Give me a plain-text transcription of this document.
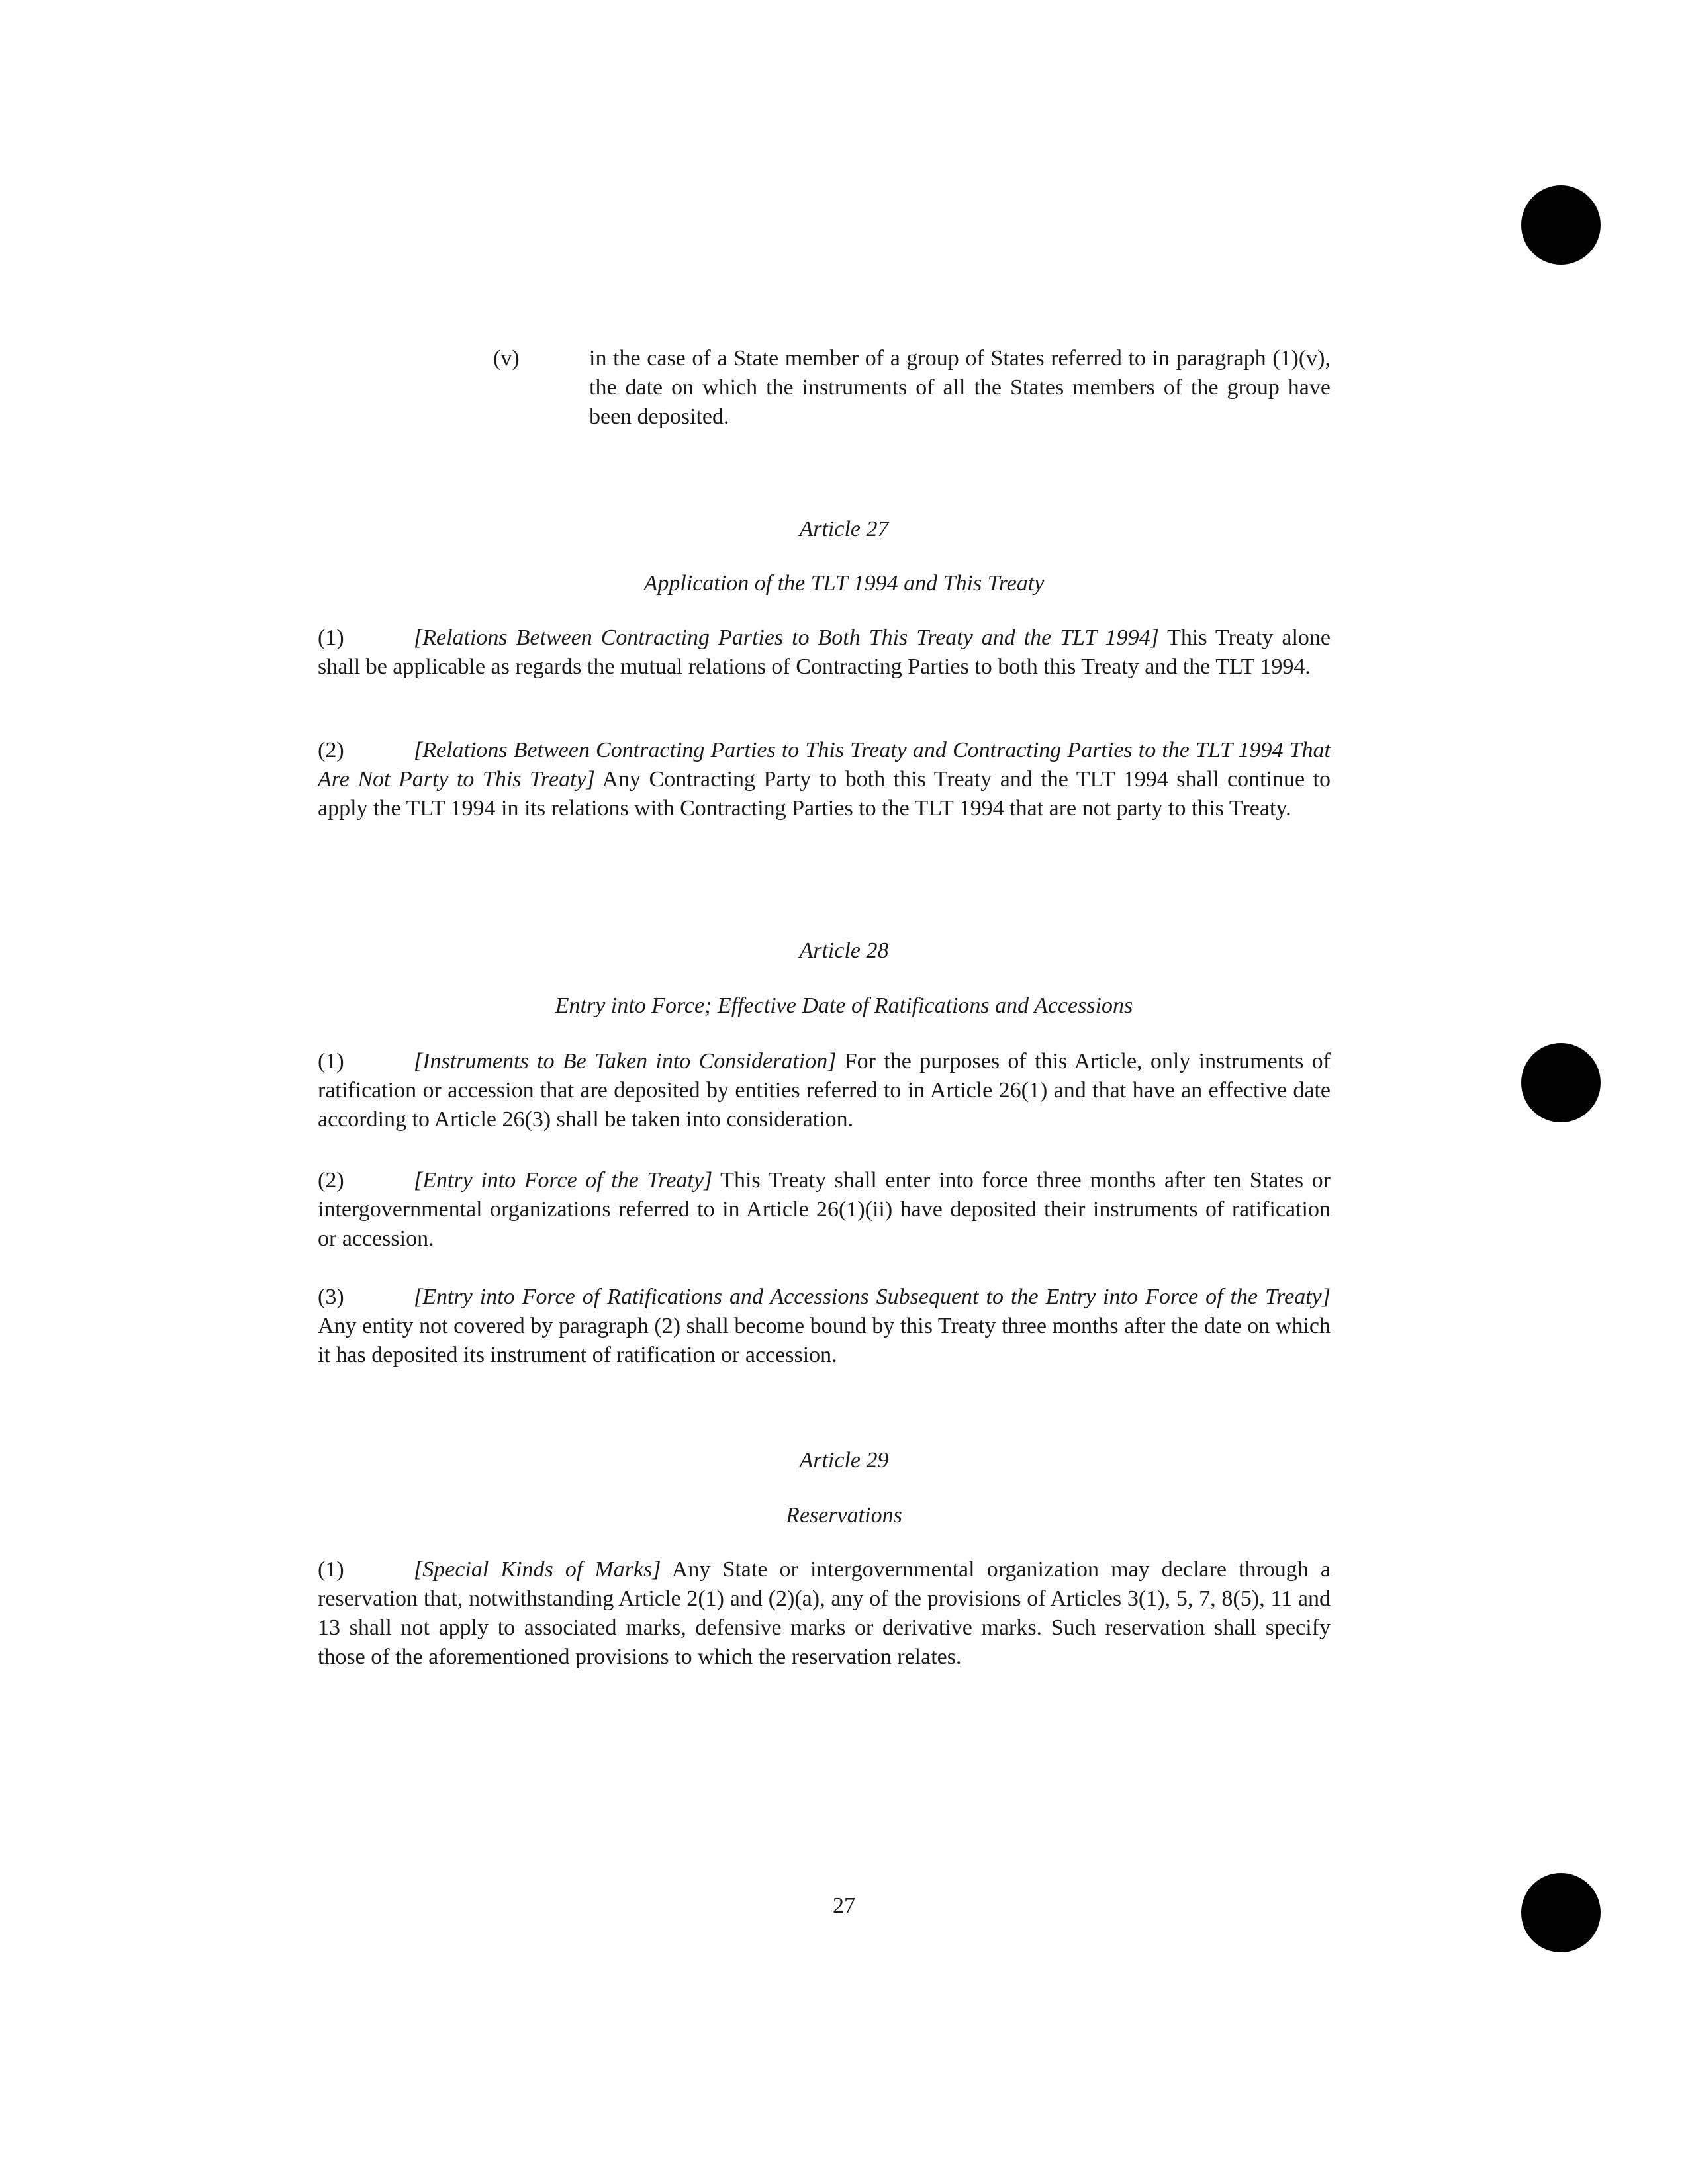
(v)	in the case of a State member of a group of States referred to in paragraph (1)(v), the date on which the instruments of all the States members of the group have been deposited.
Article 27
Application of the TLT 1994 and This Treaty
(1)	[Relations Between Contracting Parties to Both This Treaty and the TLT 1994] This Treaty alone shall be applicable as regards the mutual relations of Contracting Parties to both this Treaty and the TLT 1994.
(2)	[Relations Between Contracting Parties to This Treaty and Contracting Parties to the TLT 1994 That Are Not Party to This Treaty] Any Contracting Party to both this Treaty and the TLT 1994 shall continue to apply the TLT 1994 in its relations with Contracting Parties to the TLT 1994 that are not party to this Treaty.
Article 28
Entry into Force; Effective Date of Ratifications and Accessions
(1)	[Instruments to Be Taken into Consideration] For the purposes of this Article, only instruments of ratification or accession that are deposited by entities referred to in Article 26(1) and that have an effective date according to Article 26(3) shall be taken into consideration.
(2)	[Entry into Force of the Treaty] This Treaty shall enter into force three months after ten States or intergovernmental organizations referred to in Article 26(1)(ii) have deposited their instruments of ratification or accession.
(3)	[Entry into Force of Ratifications and Accessions Subsequent to the Entry into Force of the Treaty] Any entity not covered by paragraph (2) shall become bound by this Treaty three months after the date on which it has deposited its instrument of ratification or accession.
Article 29
Reservations
(1)	[Special Kinds of Marks] Any State or intergovernmental organization may declare through a reservation that, notwithstanding Article 2(1) and (2)(a), any of the provisions of Articles 3(1), 5, 7, 8(5), 11 and 13 shall not apply to associated marks, defensive marks or derivative marks. Such reservation shall specify those of the aforementioned provisions to which the reservation relates.
27
